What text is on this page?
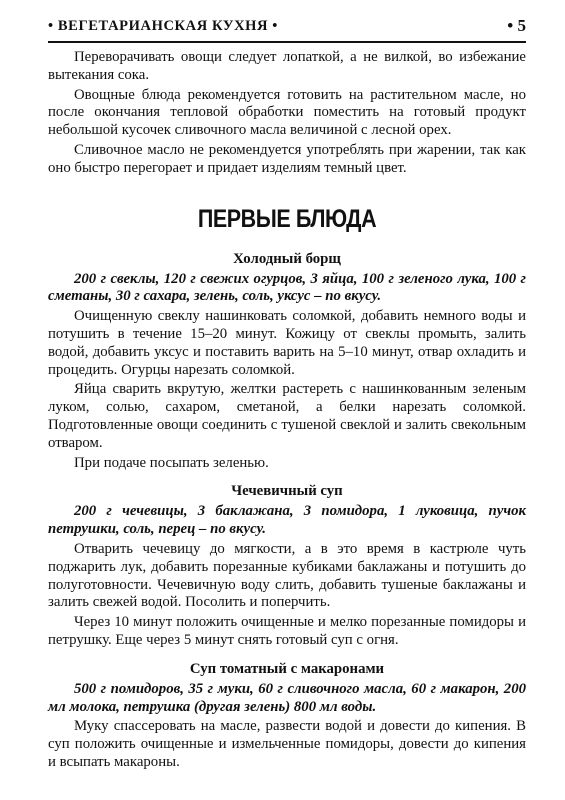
• ВЕГЕТАРИАНСКАЯ КУХНЯ •	• 5

Переворачивать овощи следует лопаткой, а не вилкой, во избежание вытекания сока.

Овощные блюда рекомендуется готовить на растительном масле, но после окончания тепловой обработки поместить на готовый продукт небольшой кусочек сливочного масла величиной с лесной орех.

Сливочное масло не рекомендуется употреблять при жарении, так как оно быстро перегорает и придает изделиям темный цвет.

ПЕРВЫЕ БЛЮДА
Холодный борщ

200 г свеклы, 120 г свежих огурцов, 3 яйца, 100 г зеленого лука, 100 г сметаны, 30 г сахара, зелень, соль, уксус – по вкусу.

Очищенную свеклу нашинковать соломкой, добавить немного воды и потушить в течение 15–20 минут. Кожицу от свеклы промыть, залить водой, добавить уксус и поставить варить на 5–10 минут, отвар охладить и процедить. Огурцы нарезать соломкой.

Яйца сварить вкрутую, желтки растереть с нашинкованным зеленым луком, солью, сахаром, сметаной, а белки нарезать соломкой. Подготовленные овощи соединить с тушеной свеклой и залить свекольным отваром.

При подаче посыпать зеленью.

Чечевичный суп

200 г чечевицы, 3 баклажана, 3 помидора, 1 луковица, пучок петрушки, соль, перец – по вкусу.

Отварить чечевицу до мягкости, а в это время в кастрюле чуть поджарить лук, добавить порезанные кубиками баклажаны и потушить до полуготовности. Чечевичную воду слить, добавить тушеные баклажаны и залить свежей водой. Посолить и поперчить.

Через 10 минут положить очищенные и мелко порезанные помидоры и петрушку. Еще через 5 минут снять готовый суп с огня.

Суп томатный с макаронами

500 г помидоров, 35 г муки, 60 г сливочного масла, 60 г макарон, 200 мл молока, петрушка (другая зелень) 800 мл воды.

Муку спассеровать на масле, развести водой и довести до кипения. В суп положить очищенные и измельченные помидоры, довести до кипения и всыпать макароны.
